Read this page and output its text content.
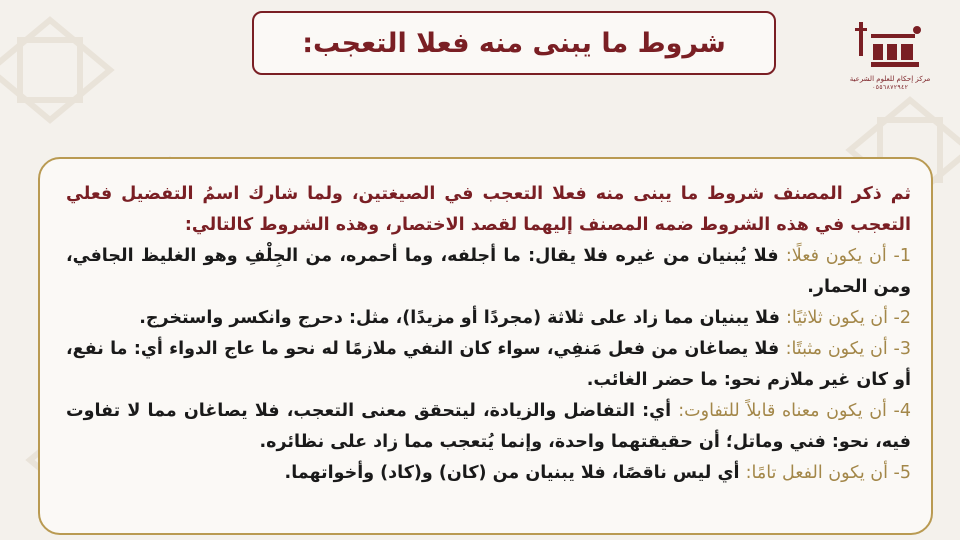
شروط ما يبنى منه فعلا التعجب:
مركز إحكام للعلوم الشرعية
٠٥٥٦٨٧٢٩٤٢

ثم ذكر المصنف شروط ما يبنى منه فعلا التعجب في الصيغتين، ولما شارك اسمُ التفضيل فعلي التعجب في هذه الشروط ضمه المصنف إليهما لقصد الاختصار، وهذه الشروط كالتالي:

1- أن يكون فعلًا: فلا يُبنيان من غيره فلا يقال: ما أجلفه، وما أحمره، من الجِلْفِ وهو الغليظ الجافي، ومن الحمار.

2- أن يكون ثلاثيًا: فلا يبنيان مما زاد على ثلاثة (مجردًا أو مزيدًا)، مثل: دحرج وانكسر واستخرج.

3- أن يكون مثبتًا: فلا يصاغان من فعل مَنفِي، سواء كان النفي ملازمًا له نحو ما عاج الدواء أي: ما نفع، أو كان غير ملازم نحو: ما حضر الغائب.

4- أن يكون معناه قابلاً للتفاوت: أي: التفاضل والزيادة، ليتحقق معنى التعجب، فلا يصاغان مما لا تفاوت فيه، نحو: فني وماتل؛ أن حقيقتهما واحدة، وإنما يُتعجب مما زاد على نظائره.

5- أن يكون الفعل تامًا: أي ليس ناقصًا، فلا يبنيان من (كان) و(كاد) وأخواتهما.
